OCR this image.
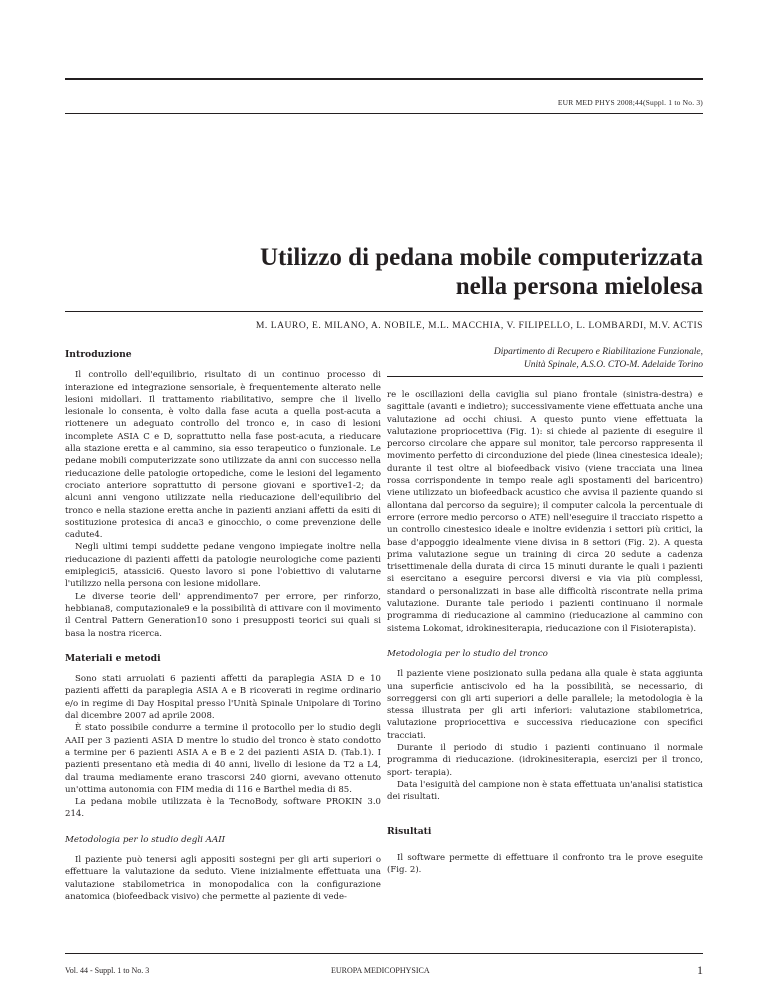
EUR MED PHYS 2008;44(Suppl. 1 to No. 3)
Utilizzo di pedana mobile computerizzata
nella persona mielolesa
M. LAURO, E. MILANO, A. NOBILE, M.L. MACCHIA, V. FILIPELLO, L. LOMBARDI, M.V. ACTIS
Dipartimento di Recupero e Riabilitazione Funzionale,
Unità Spinale, A.S.O. CTO-M. Adelaide Torino
Introduzione

Il controllo dell'equilibrio, risultato di un continuo processo di interazione ed integrazione sensoriale, è frequentemente alterato nelle lesioni midollari. Il trattamento riabilitativo, sempre che il livello lesionale lo consenta, è volto dalla fase acuta a quella post-acuta a riottenere un adeguato controllo del tronco e, in caso di lesioni incomplete ASIA C e D, soprattutto nella fase post-acuta, a rieducare alla stazione eretta e al cammino, sia esso terapeutico o funzionale. Le pedane mobili computerizzate sono utilizzate da anni con successo nella rieducazione delle patologie ortopediche, come le lesioni del legamento crociato anteriore soprattutto di persone giovani e sportive1-2; da alcuni anni vengono utilizzate nella rieducazione dell'equilibrio del tronco e nella stazione eretta anche in pazienti anziani affetti da esiti di sostituzione protesica di anca3 e ginocchio, o come prevenzione delle cadute4.

Negli ultimi tempi suddette pedane vengono impiegate inoltre nella rieducazione di pazienti affetti da patologie neurologiche come pazienti emiplegici5, atassici6. Questo lavoro si pone l'obiettivo di valutarne l'utilizzo nella persona con lesione midollare.

Le diverse teorie dell' apprendimento7 per errore, per rinforzo, hebbiana8, computazionale9 e la possibilità di attivare con il movimento il Central Pattern Generation10 sono i presupposti teorici sui quali si basa la nostra ricerca.

Materiali e metodi

Sono stati arruolati 6 pazienti affetti da paraplegia ASIA D e 10 pazienti affetti da paraplegia ASIA A e B ricoverati in regime ordinario e/o in regime di Day Hospital presso l'Unità Spinale Unipolare di Torino dal dicembre 2007 ad aprile 2008.

È stato possibile condurre a termine il protocollo per lo studio degli AAII per 3 pazienti ASIA D mentre lo studio del tronco è stato condotto a termine per 6 pazienti ASIA A e B e 2 dei pazienti ASIA D. (Tab.1). I pazienti presentano età media di 40 anni, livello di lesione da T2 a L4, dal trauma mediamente erano trascorsi 240 giorni, avevano ottenuto un'ottima autonomia con FIM media di 116 e Barthel media di 85.

La pedana mobile utilizzata è la TecnoBody, software PROKIN 3.0 214.

Metodologia per lo studio degli AAII

Il paziente può tenersi agli appositi sostegni per gli arti superiori o effettuare la valutazione da seduto. Viene inizialmente effettuata una valutazione stabilometrica in monopodalica con la configurazione anatomica (biofeedback visivo) che permette al paziente di vede-

re le oscillazioni della caviglia sul piano frontale (sinistra-destra) e sagittale (avanti e indietro); successivamente viene effettuata anche una valutazione ad occhi chiusi. A questo punto viene effettuata la valutazione propriocettiva (Fig. 1): si chiede al paziente di eseguire il percorso circolare che appare sul monitor, tale percorso rappresenta il movimento perfetto di circonduzione del piede (linea cinestesica ideale); durante il test oltre al biofeedback visivo (viene tracciata una linea rossa corrispondente in tempo reale agli spostamenti del baricentro) viene utilizzato un biofeedback acustico che avvisa il paziente quando si allontana dal percorso da seguire); il computer calcola la percentuale di errore (errore medio percorso o ATE) nell'eseguire il tracciato rispetto a un controllo cinestesico ideale e inoltre evidenzia i settori più critici, la base d'appoggio idealmente viene divisa in 8 settori (Fig. 2). A questa prima valutazione segue un training di circa 20 sedute a cadenza trisettimenale della durata di circa 15 minuti durante le quali i pazienti si esercitano a eseguire percorsi diversi e via via più complessi, standard o personalizzati in base alle difficoltà riscontrate nella prima valutazione. Durante tale periodo i pazienti continuano il normale programma di rieducazione al cammino (rieducazione al cammino con sistema Lokomat, idrokinesiterapia, rieducazione con il Fisioterapista).

Metodologia per lo studio del tronco

Il paziente viene posizionato sulla pedana alla quale è stata aggiunta una superficie antiscivolo ed ha la possibilità, se necessario, di sorreggersi con gli arti superiori a delle parallele; la metodologia è la stessa illustrata per gli arti inferiori: valutazione stabilometrica, valutazione propriocettiva e successiva rieducazione con specifici tracciati.

Durante il periodo di studio i pazienti continuano il normale programma di rieducazione. (idrokinesiterapia, esercizi per il tronco, sport- terapia).

Data l'esiguità del campione non è stata effettuata un'analisi statistica dei risultati.

Risultati

Il software permette di effettuare il confronto tra le prove eseguite (Fig. 2).

Vol. 44 - Suppl. 1 to No. 3	EUROPA MEDICOPHYSICA	1
